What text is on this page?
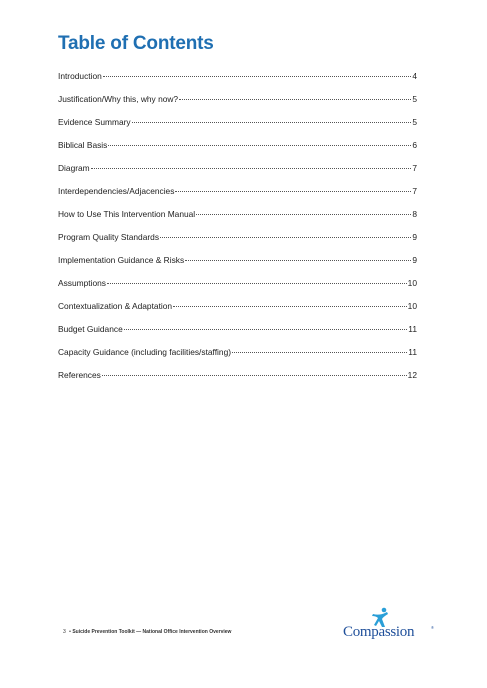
Table of Contents
Introduction	4
Justification/Why this, why now?	5
Evidence Summary	5
Biblical Basis	6
Diagram	7
Interdependencies/Adjacencies	7
How to Use This Intervention Manual	8
Program Quality Standards	9
Implementation Guidance & Risks	9
Assumptions	10
Contextualization & Adaptation	10
Budget Guidance	11
Capacity Guidance (including facilities/staffing)	11
References	12
3 • Suicide Prevention Toolkit — National Office Intervention Overview	Compassion	®
